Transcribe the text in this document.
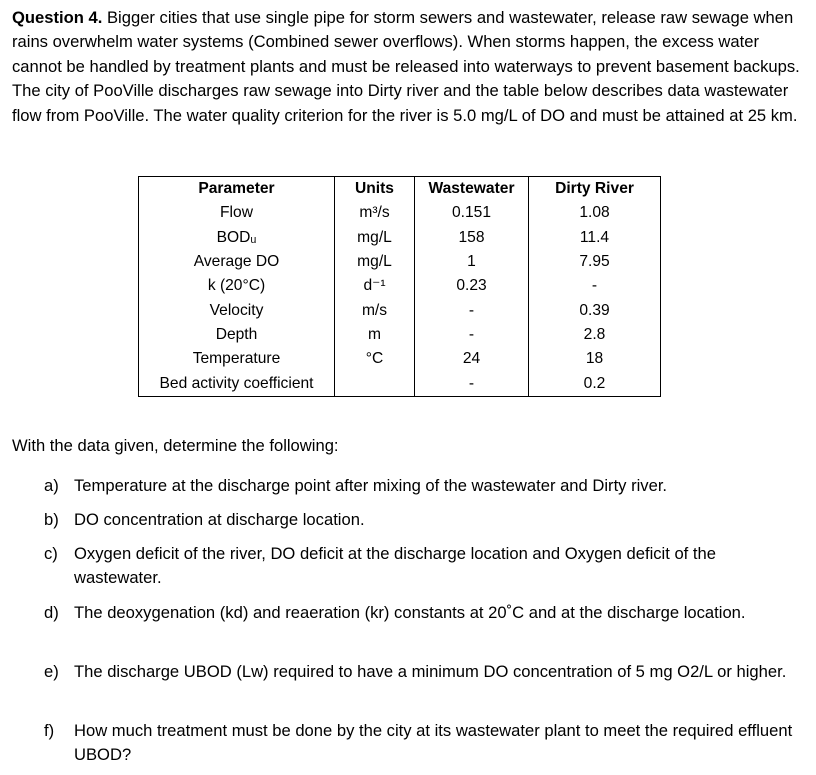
Question 4. Bigger cities that use single pipe for storm sewers and wastewater, release raw sewage when rains overwhelm water systems (Combined sewer overflows). When storms happen, the excess water cannot be handled by treatment plants and must be released into waterways to prevent basement backups. The city of PooVille discharges raw sewage into Dirty river and the table below describes data wastewater flow from PooVille. The water quality criterion for the river is 5.0 mg/L of DO and must be attained at 25 km.
Parameter	Units	Wastewater	Dirty River
Flow	m³/s	0.151	1.08
BODᵤ	mg/L	158	11.4
Average DO	mg/L	1	7.95
k (20°C)	d⁻¹	0.23	-
Velocity	m/s	-	0.39
Depth	m	-	2.8
Temperature	°C	24	18
Bed activity coefficient		-	0.2
With the data given, determine the following:
a) Temperature at the discharge point after mixing of the wastewater and Dirty river.
b) DO concentration at discharge location.
c) Oxygen deficit of the river, DO deficit at the discharge location and Oxygen deficit of the wastewater.
d) The deoxygenation (kd) and reaeration (kr) constants at 20˚C and at the discharge location.
e) The discharge UBOD (Lw) required to have a minimum DO concentration of 5 mg O2/L or higher.
f) How much treatment must be done by the city at its wastewater plant to meet the required effluent UBOD?
